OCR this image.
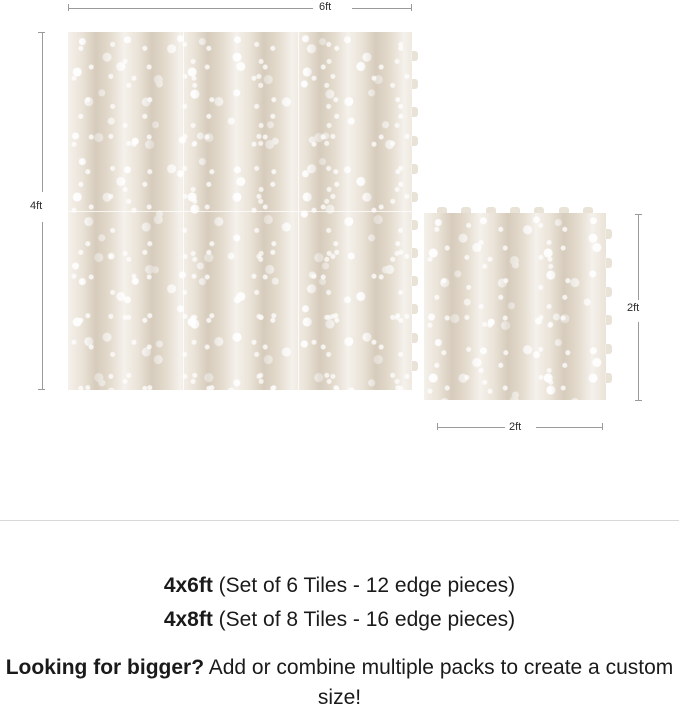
6ft
4ft
2ft
2ft
4x6ft (Set of 6 Tiles - 12 edge pieces)
4x8ft (Set of 8 Tiles - 16 edge pieces)
Looking for bigger? Add or combine multiple packs to create a custom size!
